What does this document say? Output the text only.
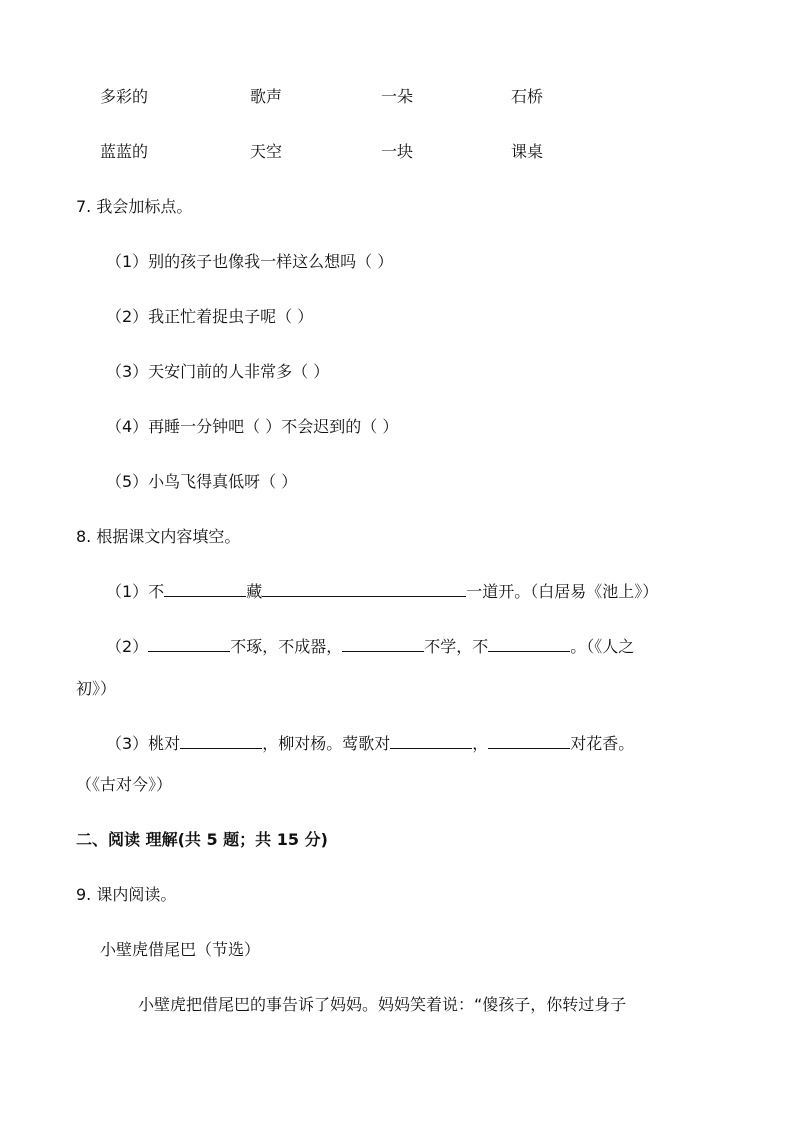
多彩的	歌声	一朵	石桥
蓝蓝的	天空	一块	课桌
7. 我会加标点。
（1）别的孩子也像我一样这么想吗（ ）
（2）我正忙着捉虫子呢（ ）
（3）天安门前的人非常多（ ）
（4）再睡一分钟吧（ ）不会迟到的（ ）
（5）小鸟飞得真低呀（ ）
8. 根据课文内容填空。
（1）不	藏	一道开。（白居易《池上》）
（2）	不琢，不成器，	不学，不	。（《人之
初》）
（3）桃对	，柳对杨。莺歌对	，	对花香。
（《古对今》）
二、阅读 理解(共 5 题；共 15 分)
9. 课内阅读。
小壁虎借尾巴（节选）
小壁虎把借尾巴的事告诉了妈妈。妈妈笑着说：“傻孩子，你转过身子
